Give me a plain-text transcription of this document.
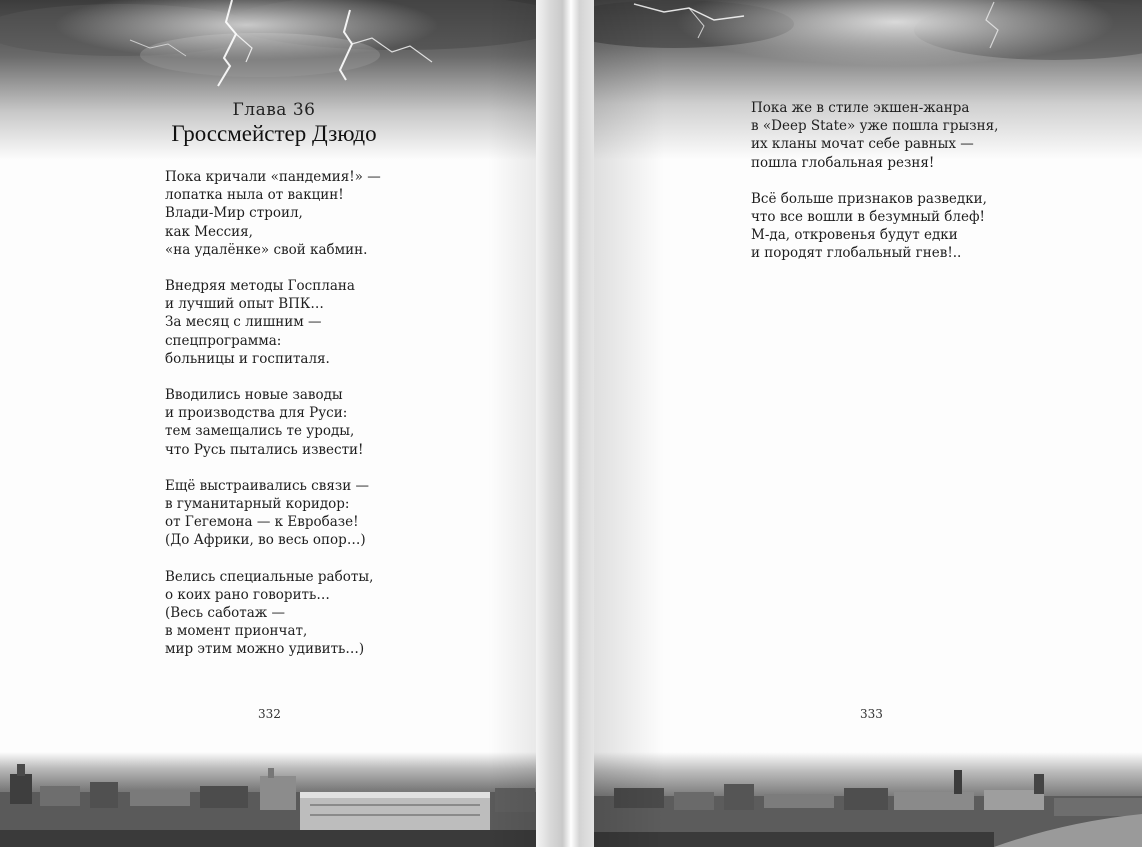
Глава 36
Гроссмейстер Дзюдо
Пока кричали «пандемия!» —
лопатка ныла от вакцин!
Влади-Мир строил,
как Мессия,
«на удалёнке» свой кабмин.
Внедряя методы Госплана
и лучший опыт ВПК…
За месяц с лишним —
спецпрограмма:
больницы и госпиталя.
Вводились новые заводы
и производства для Руси:
тем замещались те уроды,
что Русь пытались извести!
Ещё выстраивались связи —
в гуманитарный коридор:
от Гегемона — к Евробазе!
(До Африки, во весь опор…)
Велись специальные работы,
о коих рано говорить…
(Весь саботаж —
в момент приончат,
мир этим можно удивить…)
332
Пока же в стиле экшен-жанра
в «Deep State» уже пошла грызня,
их кланы мочат себе равных —
пошла глобальная резня!
Всё больше признаков разведки,
что все вошли в безумный блеф!
М-да, откровенья будут едки
и породят глобальный гнев!..
333
